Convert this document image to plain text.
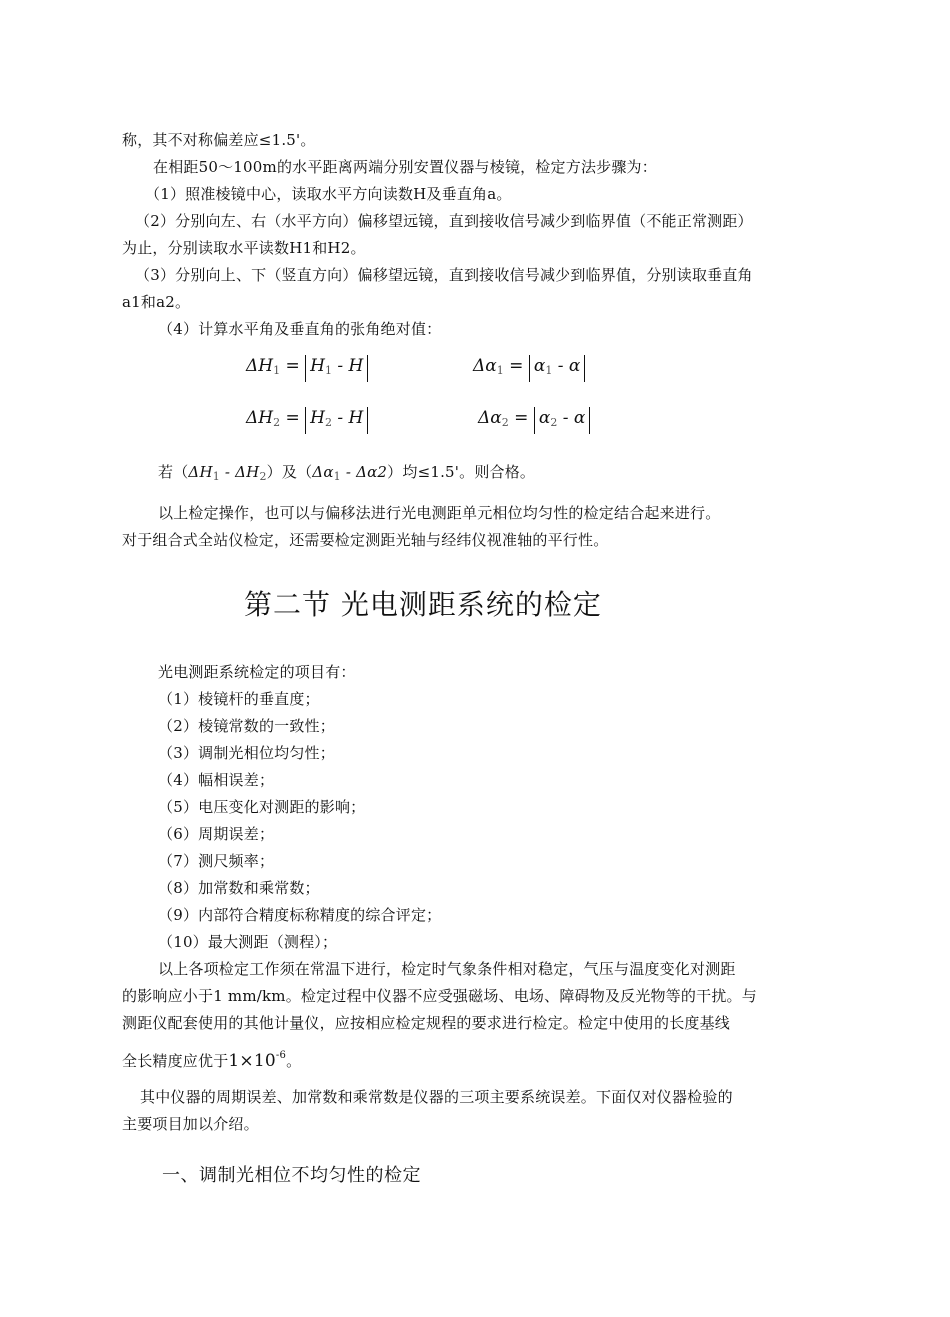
称，其不对称偏差应≤1.5'。
在相距50～100m的水平距离两端分别安置仪器与棱镜，检定方法步骤为：
（1）照准棱镜中心，读取水平方向读数H及垂直角a。
（2）分别向左、右（水平方向）偏移望远镜，直到接收信号减少到临界值（不能正常测距）
为止，分别读取水平读数H1和H2。
（3）分别向上、下（竖直方向）偏移望远镜，直到接收信号减少到临界值，分别读取垂直角
a1和a2。
（4）计算水平角及垂直角的张角绝对值：
$\Delta H_1 = H_1 - H$	$\Delta\alpha_1 = \alpha_1 - \alpha$
$\Delta H_2 = H_2 - H$	$\Delta\alpha_2 = \alpha_2 - \alpha$
若$(\Delta H_1 - \Delta H_2)$及$(\Delta\alpha_1 - \Delta\alpha 2)$均≤1.5'。则合格。
以上检定操作，也可以与偏移法进行光电测距单元相位均匀性的检定结合起来进行。
对于组合式全站仪检定，还需要检定测距光轴与经纬仪视准轴的平行性。
第二节 光电测距系统的检定
光电测距系统检定的项目有：
（1）棱镜杆的垂直度；
（2）棱镜常数的一致性；
（3）调制光相位均匀性；
（4）幅相误差；
（5）电压变化对测距的影响；
（6）周期误差；
（7）测尺频率；
（8）加常数和乘常数；
（9）内部符合精度标称精度的综合评定；
（10）最大测距（测程）；
以上各项检定工作须在常温下进行，检定时气象条件相对稳定，气压与温度变化对测距
的影响应小于1 mm/km。检定过程中仪器不应受强磁场、电场、障碍物及反光物等的干扰。与
测距仪配套使用的其他计量仪，应按相应检定规程的要求进行检定。检定中使用的长度基线
全长精度应优于$1\times 10^{-6}$。
其中仪器的周期误差、加常数和乘常数是仪器的三项主要系统误差。下面仅对仪器检验的
主要项目加以介绍。
一、调制光相位不均匀性的检定
